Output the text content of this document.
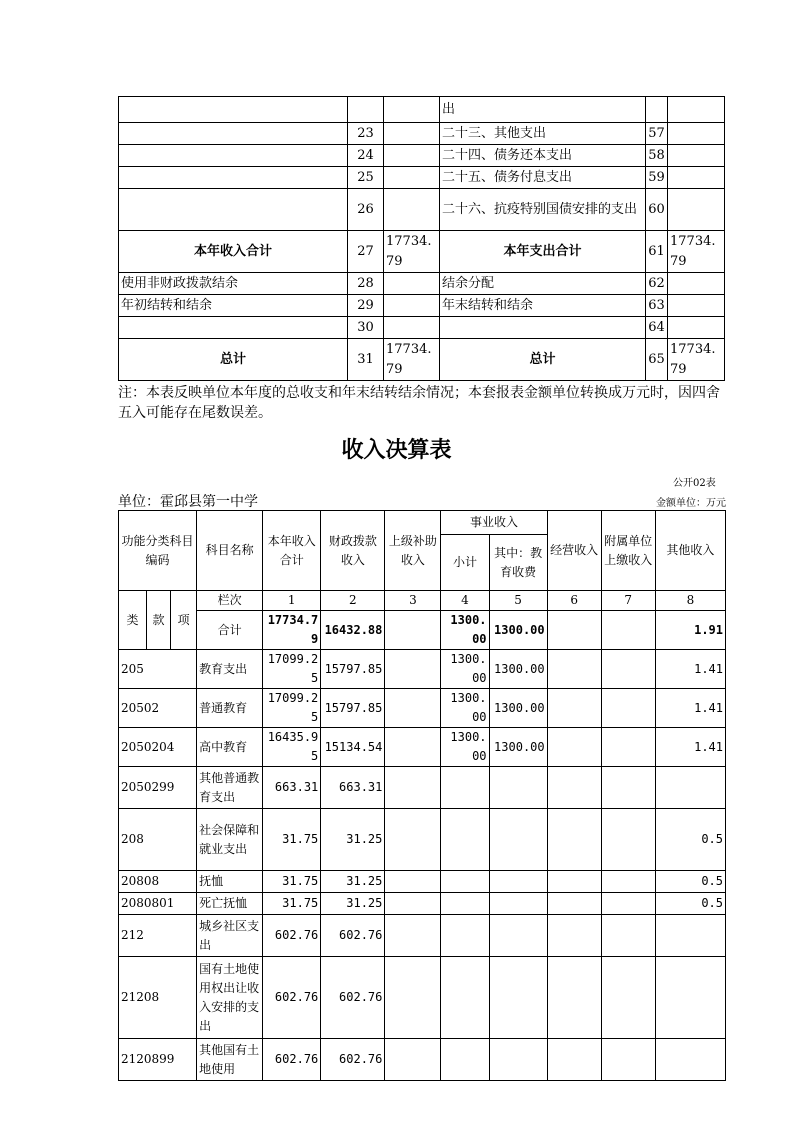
			出		
	23		二十三、其他支出	57	
	24		二十四、债务还本支出	58	
	25		二十五、债务付息支出	59	
	26		二十六、抗疫特别国债安排的支出	60	
本年收入合计	27	17734.79	本年支出合计	61	17734.79
使用非财政拨款结余	28		结余分配	62	
年初结转和结余	29		年末结转和结余	63	
	30			64	
总计	31	17734.79	总计	65	17734.79
注：本表反映单位本年度的总收支和年末结转结余情况；本套报表金额单位转换成万元时，因四舍五入可能存在尾数误差。
收入决算表
公开02表
单位：霍邱县第一中学	金额单位：万元
功能分类科目编码			科目名称	本年收入合计	财政拨款收入	上级补助收入	事业收入		经营收入	附属单位上缴收入	其他收入
							小计	其中：教育收费			

类	款	项	栏次	1	2	3	4	5	6	7	8
			合计	17734.79	16432.88		1300.00	1300.00			1.91
205			教育支出	17099.25	15797.85		1300.00	1300.00			1.41
20502			普通教育	17099.25	15797.85		1300.00	1300.00			1.41
2050204			高中教育	16435.95	15134.54		1300.00	1300.00			1.41
2050299			其他普通教育支出	663.31	663.31						
208			社会保障和就业支出	31.75	31.25						0.5
20808			抚恤	31.75	31.25						0.5
2080801			死亡抚恤	31.75	31.25						0.5
212			城乡社区支出	602.76	602.76						
21208			国有土地使用权出让收入安排的支出	602.76	602.76						
2120899			其他国有土地使用	602.76	602.76						
